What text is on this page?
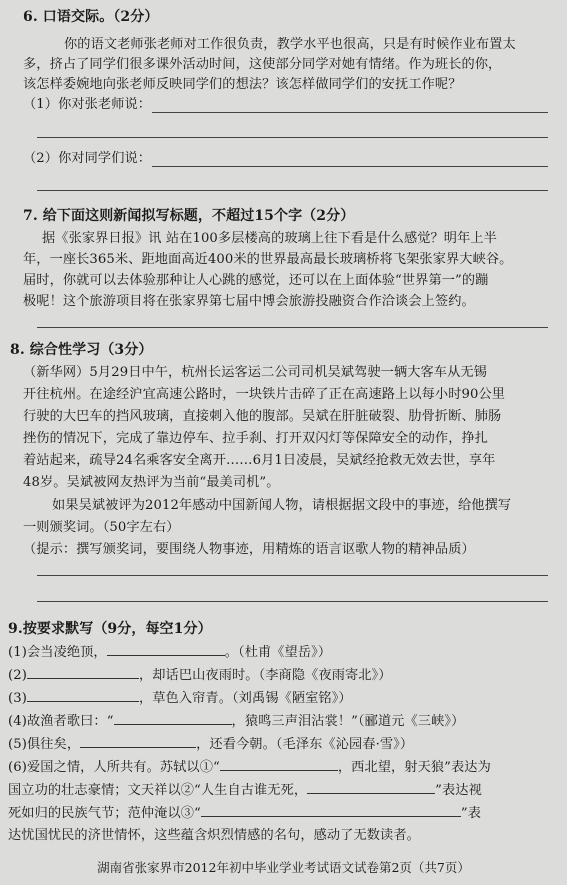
6. 口语交际。（2分）
你的语文老师张老师对工作很负责，教学水平也很高，只是有时候作业布置太
多，挤占了同学们很多课外活动时间，这使部分同学对她有情绪。作为班长的你，
该怎样委婉地向张老师反映同学们的想法？该怎样做同学们的安抚工作呢？
（1）你对张老师说：
（2）你对同学们说：
7. 给下面这则新闻拟写标题，不超过15个字（2分）
据《张家界日报》讯 站在100多层楼高的玻璃上往下看是什么感觉？明年上半
年，一座长365米、距地面高近400米的世界最高最长玻璃桥将飞架张家界大峡谷。
届时，你就可以去体验那种让人心跳的感觉，还可以在上面体验“世界第一”的蹦
极呢！这个旅游项目将在张家界第七届中博会旅游投融资合作洽谈会上签约。
8. 综合性学习（3分）
（新华网）5月29日中午，杭州长运客运二公司司机吴斌驾驶一辆大客车从无锡
开往杭州。在途经沪宜高速公路时，一块铁片击碎了正在高速路上以每小时90公里
行驶的大巴车的挡风玻璃，直接刺入他的腹部。吴斌在肝脏破裂、肋骨折断、肺肠
挫伤的情况下，完成了靠边停车、拉手刹、打开双闪灯等保障安全的动作，挣扎
着站起来，疏导24名乘客安全离开……6月1日凌晨，吴斌经抢救无效去世，享年
48岁。吴斌被网友热评为当前“最美司机”。
如果吴斌被评为2012年感动中国新闻人物，请根据据文段中的事迹，给他撰写
一则颁奖词。（50字左右）
（提示：撰写颁奖词，要围绕人物事迹，用精炼的语言讴歌人物的精神品质）
9.按要求默写（9分，每空1分）
(1)会当凌绝顶，	。（杜甫《望岳》）
(2)	，却话巴山夜雨时。（李商隐《夜雨寄北》）
(3)	，草色入帘青。（刘禹锡《陋室铭》）
(4)故渔者歌曰：“	，猿鸣三声泪沾裳！”（郦道元《三峡》）
(5)俱往矣，	，还看今朝。（毛泽东《沁园春·雪》）
(6)爱国之情，人所共有。苏轼以①“	，西北望，射天狼”表达为
国立功的壮志豪情；文天祥以②“人生自古谁无死，	”表达视
死如归的民族气节；范仲淹以③“	”表
达忧国忧民的济世情怀，这些蕴含炽烈情感的名句，感动了无数读者。
湖南省张家界市2012年初中毕业学业考试语文试卷第2页（共7页）
